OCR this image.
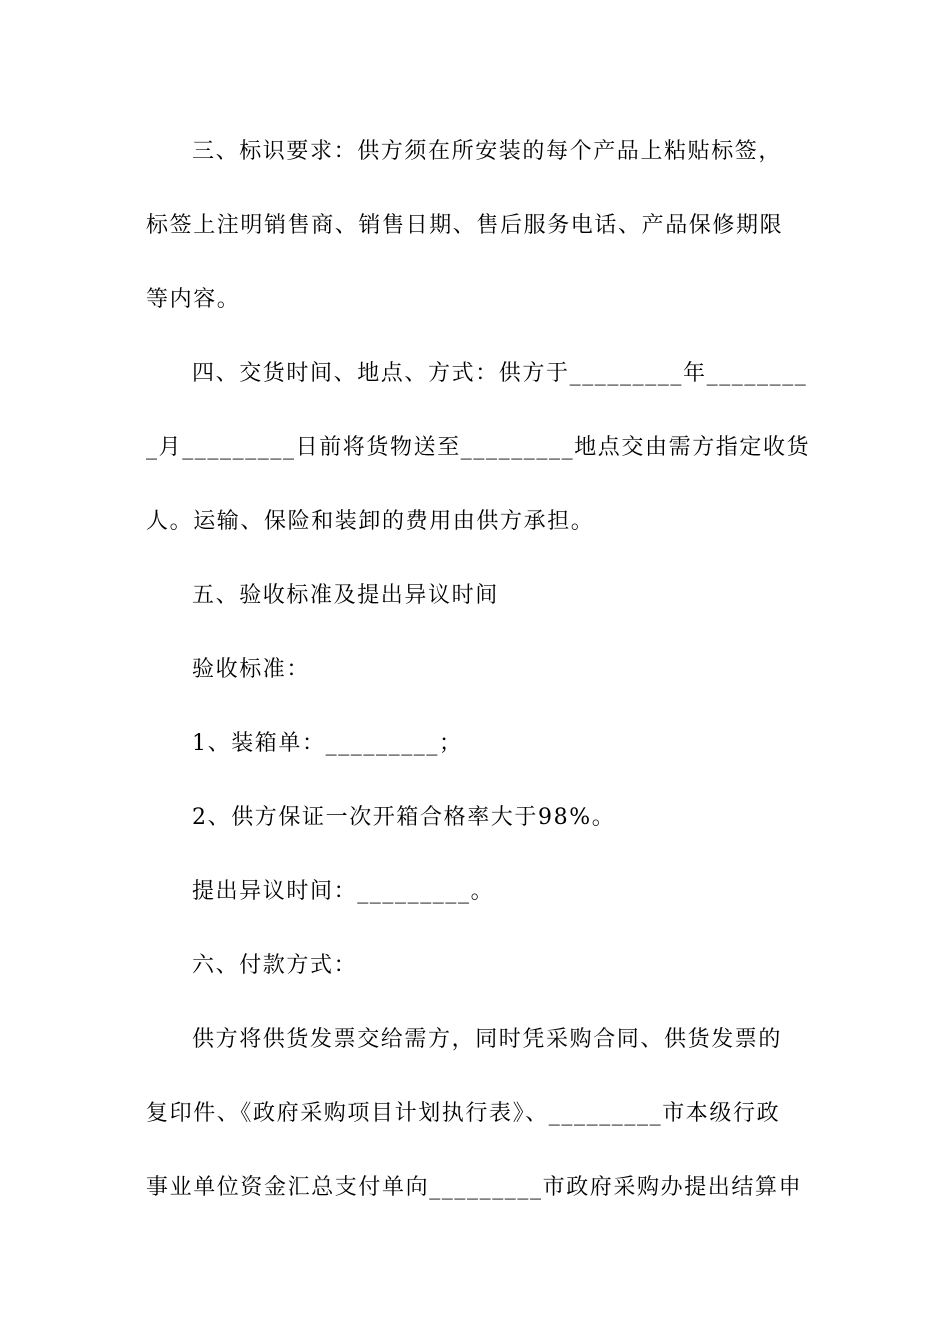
三、标识要求：供方须在所安装的每个产品上粘贴标签，
标签上注明销售商、销售日期、售后服务电话、产品保修期限
等内容。
四、交货时间、地点、方式：供方于_________年________
_月_________日前将货物送至_________地点交由需方指定收货
人。运输、保险和装卸的费用由供方承担。
五、验收标准及提出异议时间
验收标准：
1、装箱单：_________；
2、供方保证一次开箱合格率大于98%。
提出异议时间：_________。
六、付款方式：
供方将供货发票交给需方，同时凭采购合同、供货发票的
复印件、《政府采购项目计划执行表》、_________市本级行政
事业单位资金汇总支付单向_________市政府采购办提出结算申
